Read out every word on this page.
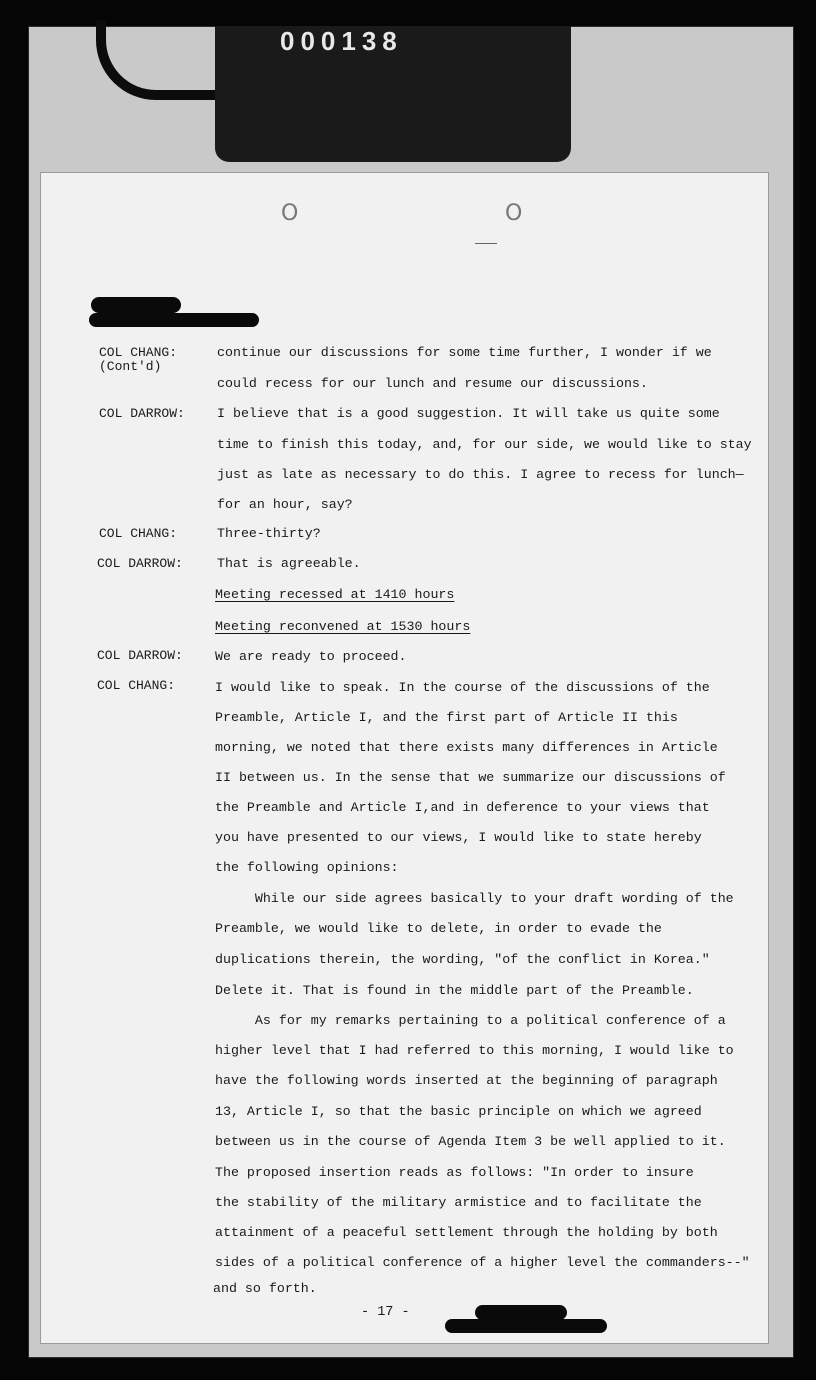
000138
O	O
COL CHANG:
(Cont'd)
continue our discussions for some time further, I wonder if we
could recess for our lunch and resume our discussions.
COL DARROW: I believe that is a good suggestion. It will take us quite some
time to finish this today, and, for our side, we would like to stay
just as late as necessary to do this. I agree to recess for lunch—
for an hour, say?
COL CHANG:	Three-thirty?
COL DARROW:	That is agreeable.
Meeting recessed at 1410 hours
Meeting reconvened at 1530 hours
COL DARROW: We are ready to proceed.
COL CHANG:	I would like to speak. In the course of the discussions of the
Preamble, Article I, and the first part of Article II this
morning, we noted that there exists many differences in Article
II between us. In the sense that we summarize our discussions of
the Preamble and Article I,and in deference to your views that
you have presented to our views, I would like to state hereby
the following opinions:
While our side agrees basically to your draft wording of the
Preamble, we would like to delete, in order to evade the
duplications therein, the wording, "of the conflict in Korea."
Delete it. That is found in the middle part of the Preamble.
As for my remarks pertaining to a political conference of a
higher level that I had referred to this morning, I would like to
have the following words inserted at the beginning of paragraph
13, Article I, so that the basic principle on which we agreed
between us in the course of Agenda Item 3 be well applied to it.
The proposed insertion reads as follows: "In order to insure
the stability of the military armistice and to facilitate the
attainment of a peaceful settlement through the holding by both
sides of a political conference of a higher level the commanders--"
and so forth.
- 17 -
